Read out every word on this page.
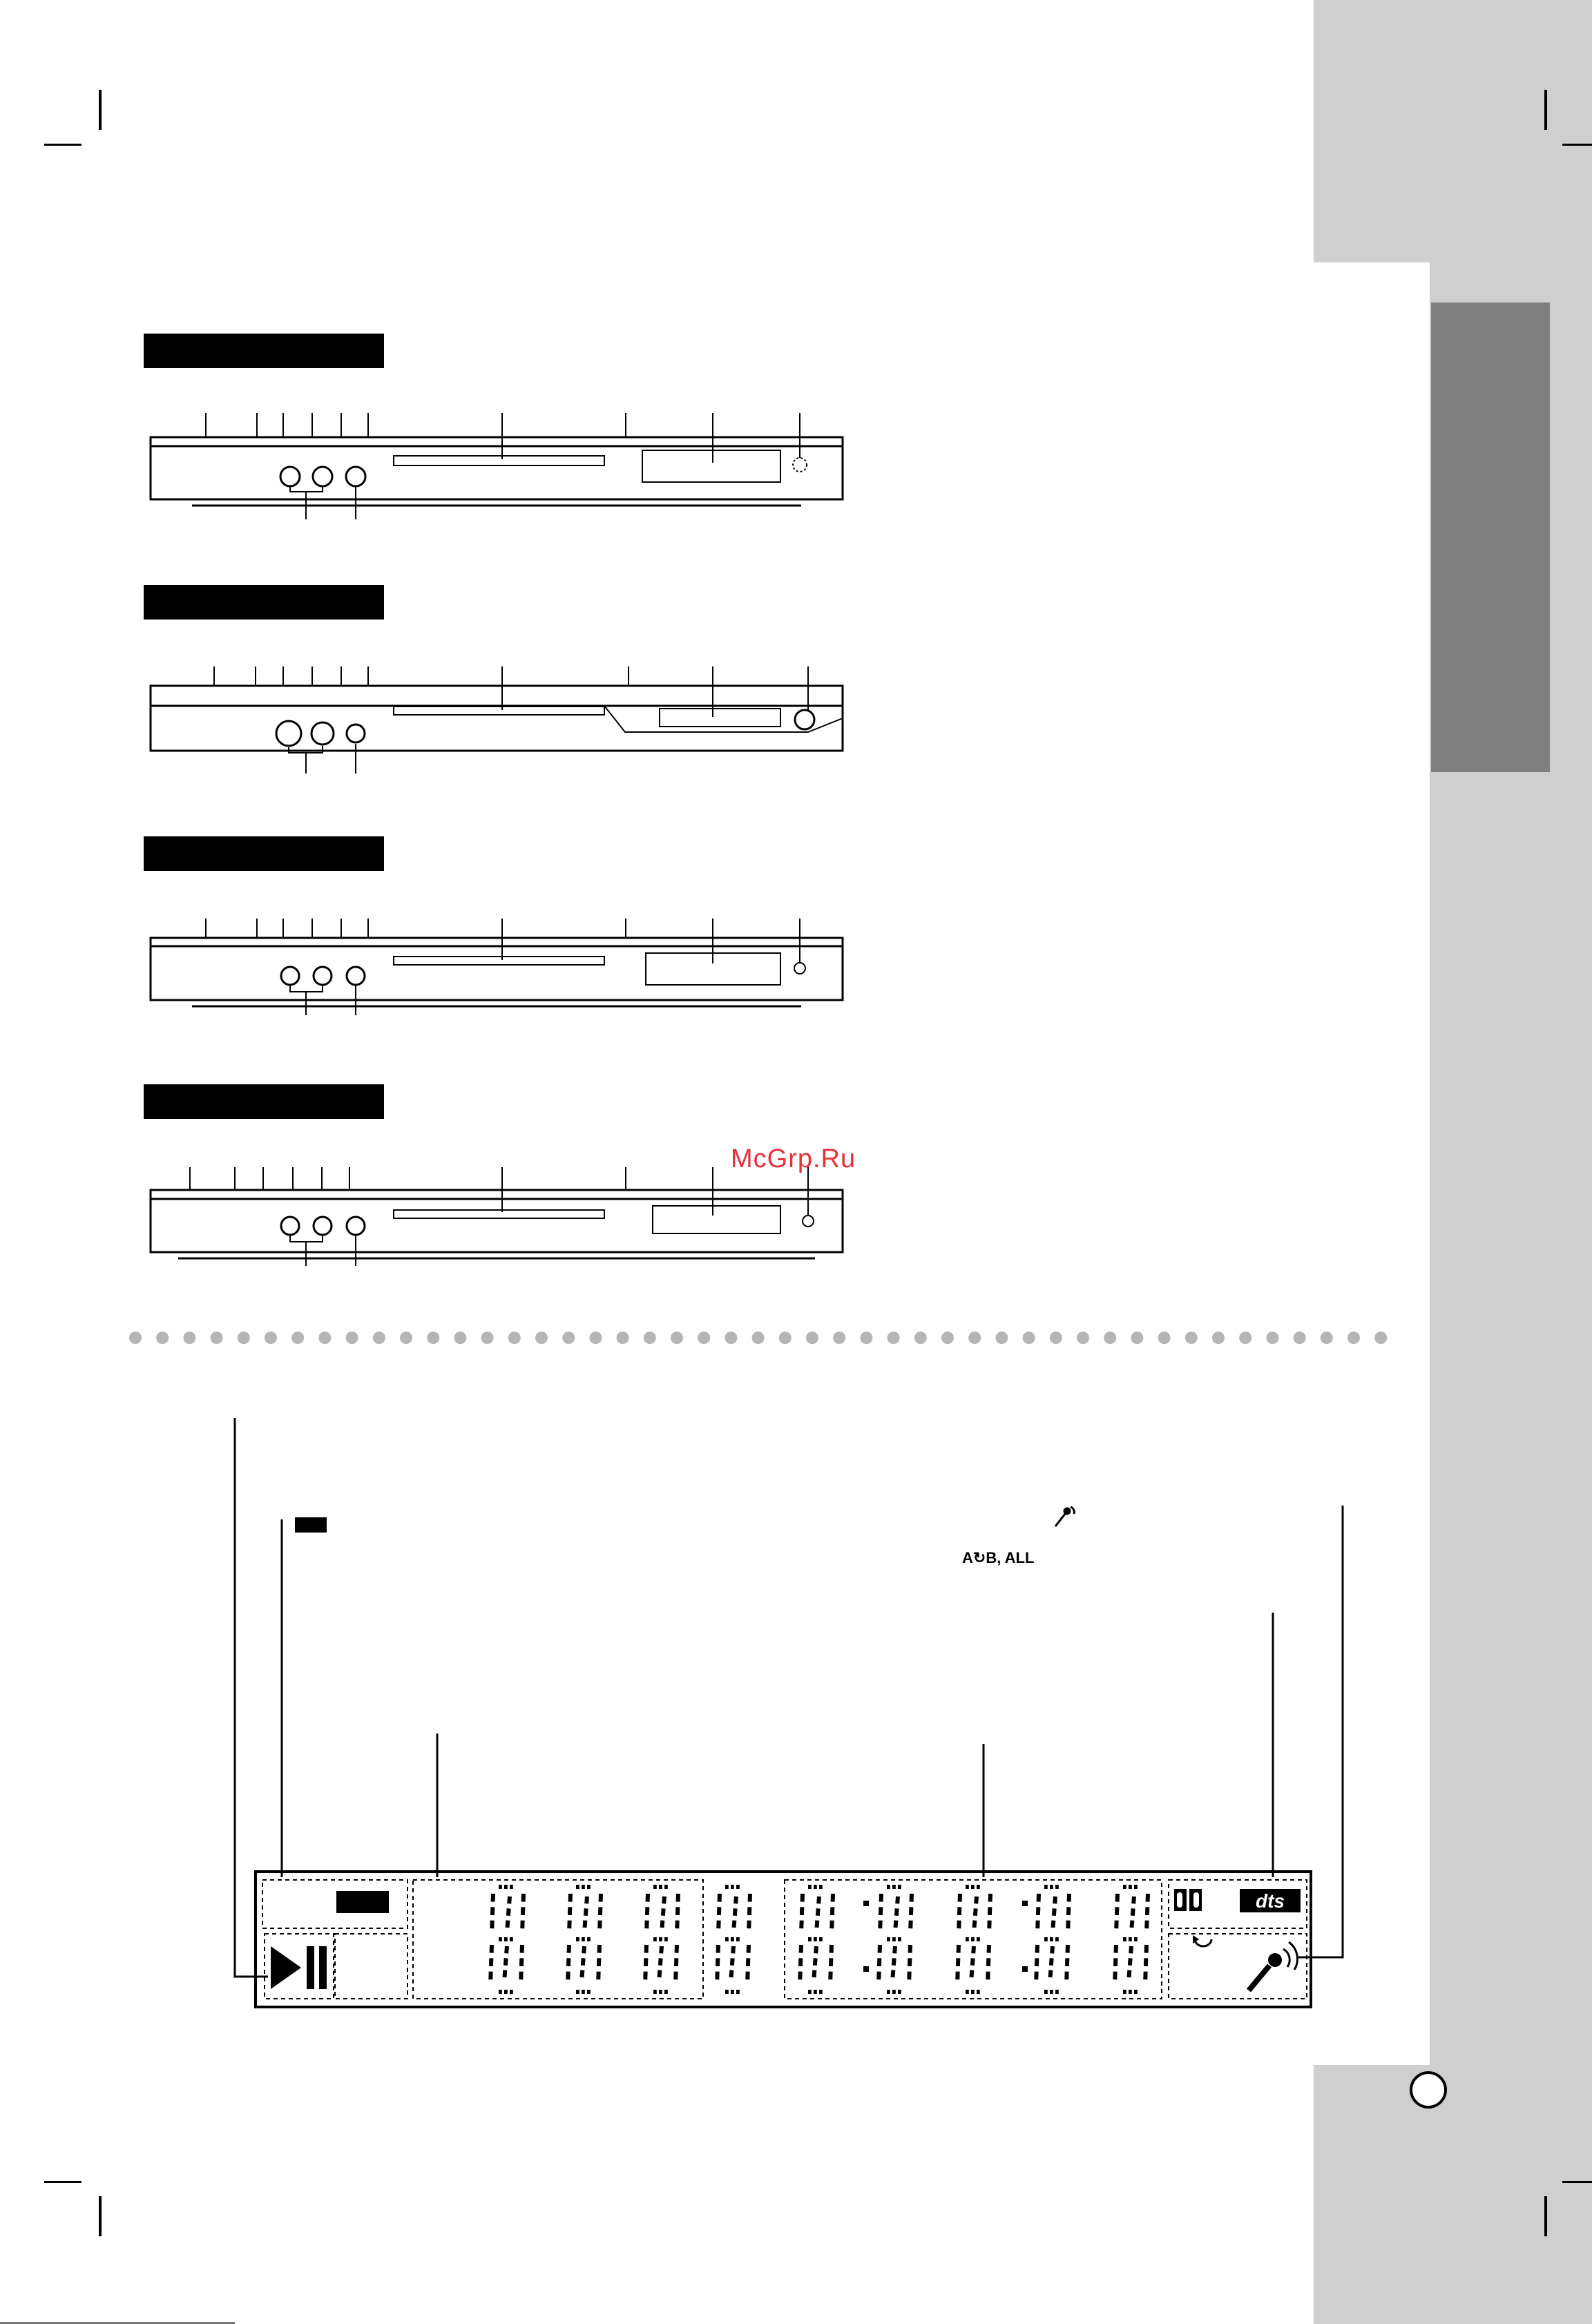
McGrp.Ru
A↻B, ALL
dts
